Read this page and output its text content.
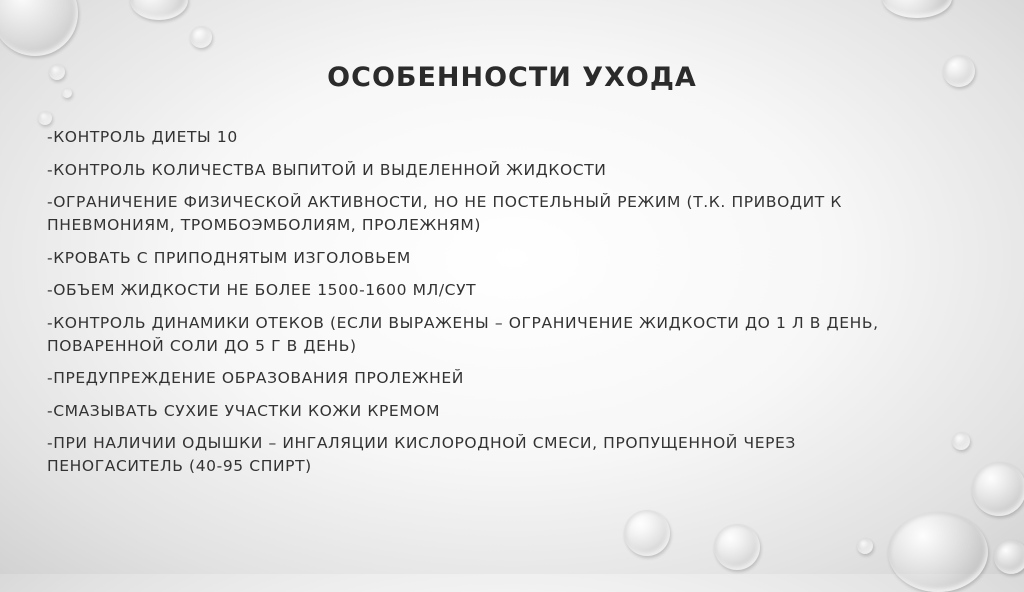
ОСОБЕННОСТИ УХОДА
-КОНТРОЛЬ ДИЕТЫ 10
-КОНТРОЛЬ КОЛИЧЕСТВА ВЫПИТОЙ И ВЫДЕЛЕННОЙ ЖИДКОСТИ
-ОГРАНИЧЕНИЕ ФИЗИЧЕСКОЙ АКТИВНОСТИ, НО НЕ ПОСТЕЛЬНЫЙ РЕЖИМ (Т.К. ПРИВОДИТ К ПНЕВМОНИЯМ, ТРОМБОЭМБОЛИЯМ, ПРОЛЕЖНЯМ)
-КРОВАТЬ С ПРИПОДНЯТЫМ ИЗГОЛОВЬЕМ
-ОБЪЕМ ЖИДКОСТИ НЕ БОЛЕЕ 1500-1600 МЛ/СУТ
-КОНТРОЛЬ ДИНАМИКИ ОТЕКОВ (ЕСЛИ ВЫРАЖЕНЫ – ОГРАНИЧЕНИЕ ЖИДКОСТИ ДО 1 Л В ДЕНЬ, ПОВАРЕННОЙ СОЛИ ДО 5 Г В ДЕНЬ)
-ПРЕДУПРЕЖДЕНИЕ ОБРАЗОВАНИЯ ПРОЛЕЖНЕЙ
-СМАЗЫВАТЬ СУХИЕ УЧАСТКИ КОЖИ КРЕМОМ
-ПРИ НАЛИЧИИ ОДЫШКИ – ИНГАЛЯЦИИ КИСЛОРОДНОЙ СМЕСИ, ПРОПУЩЕННОЙ ЧЕРЕЗ ПЕНОГАСИТЕЛЬ (40-95 СПИРТ)
